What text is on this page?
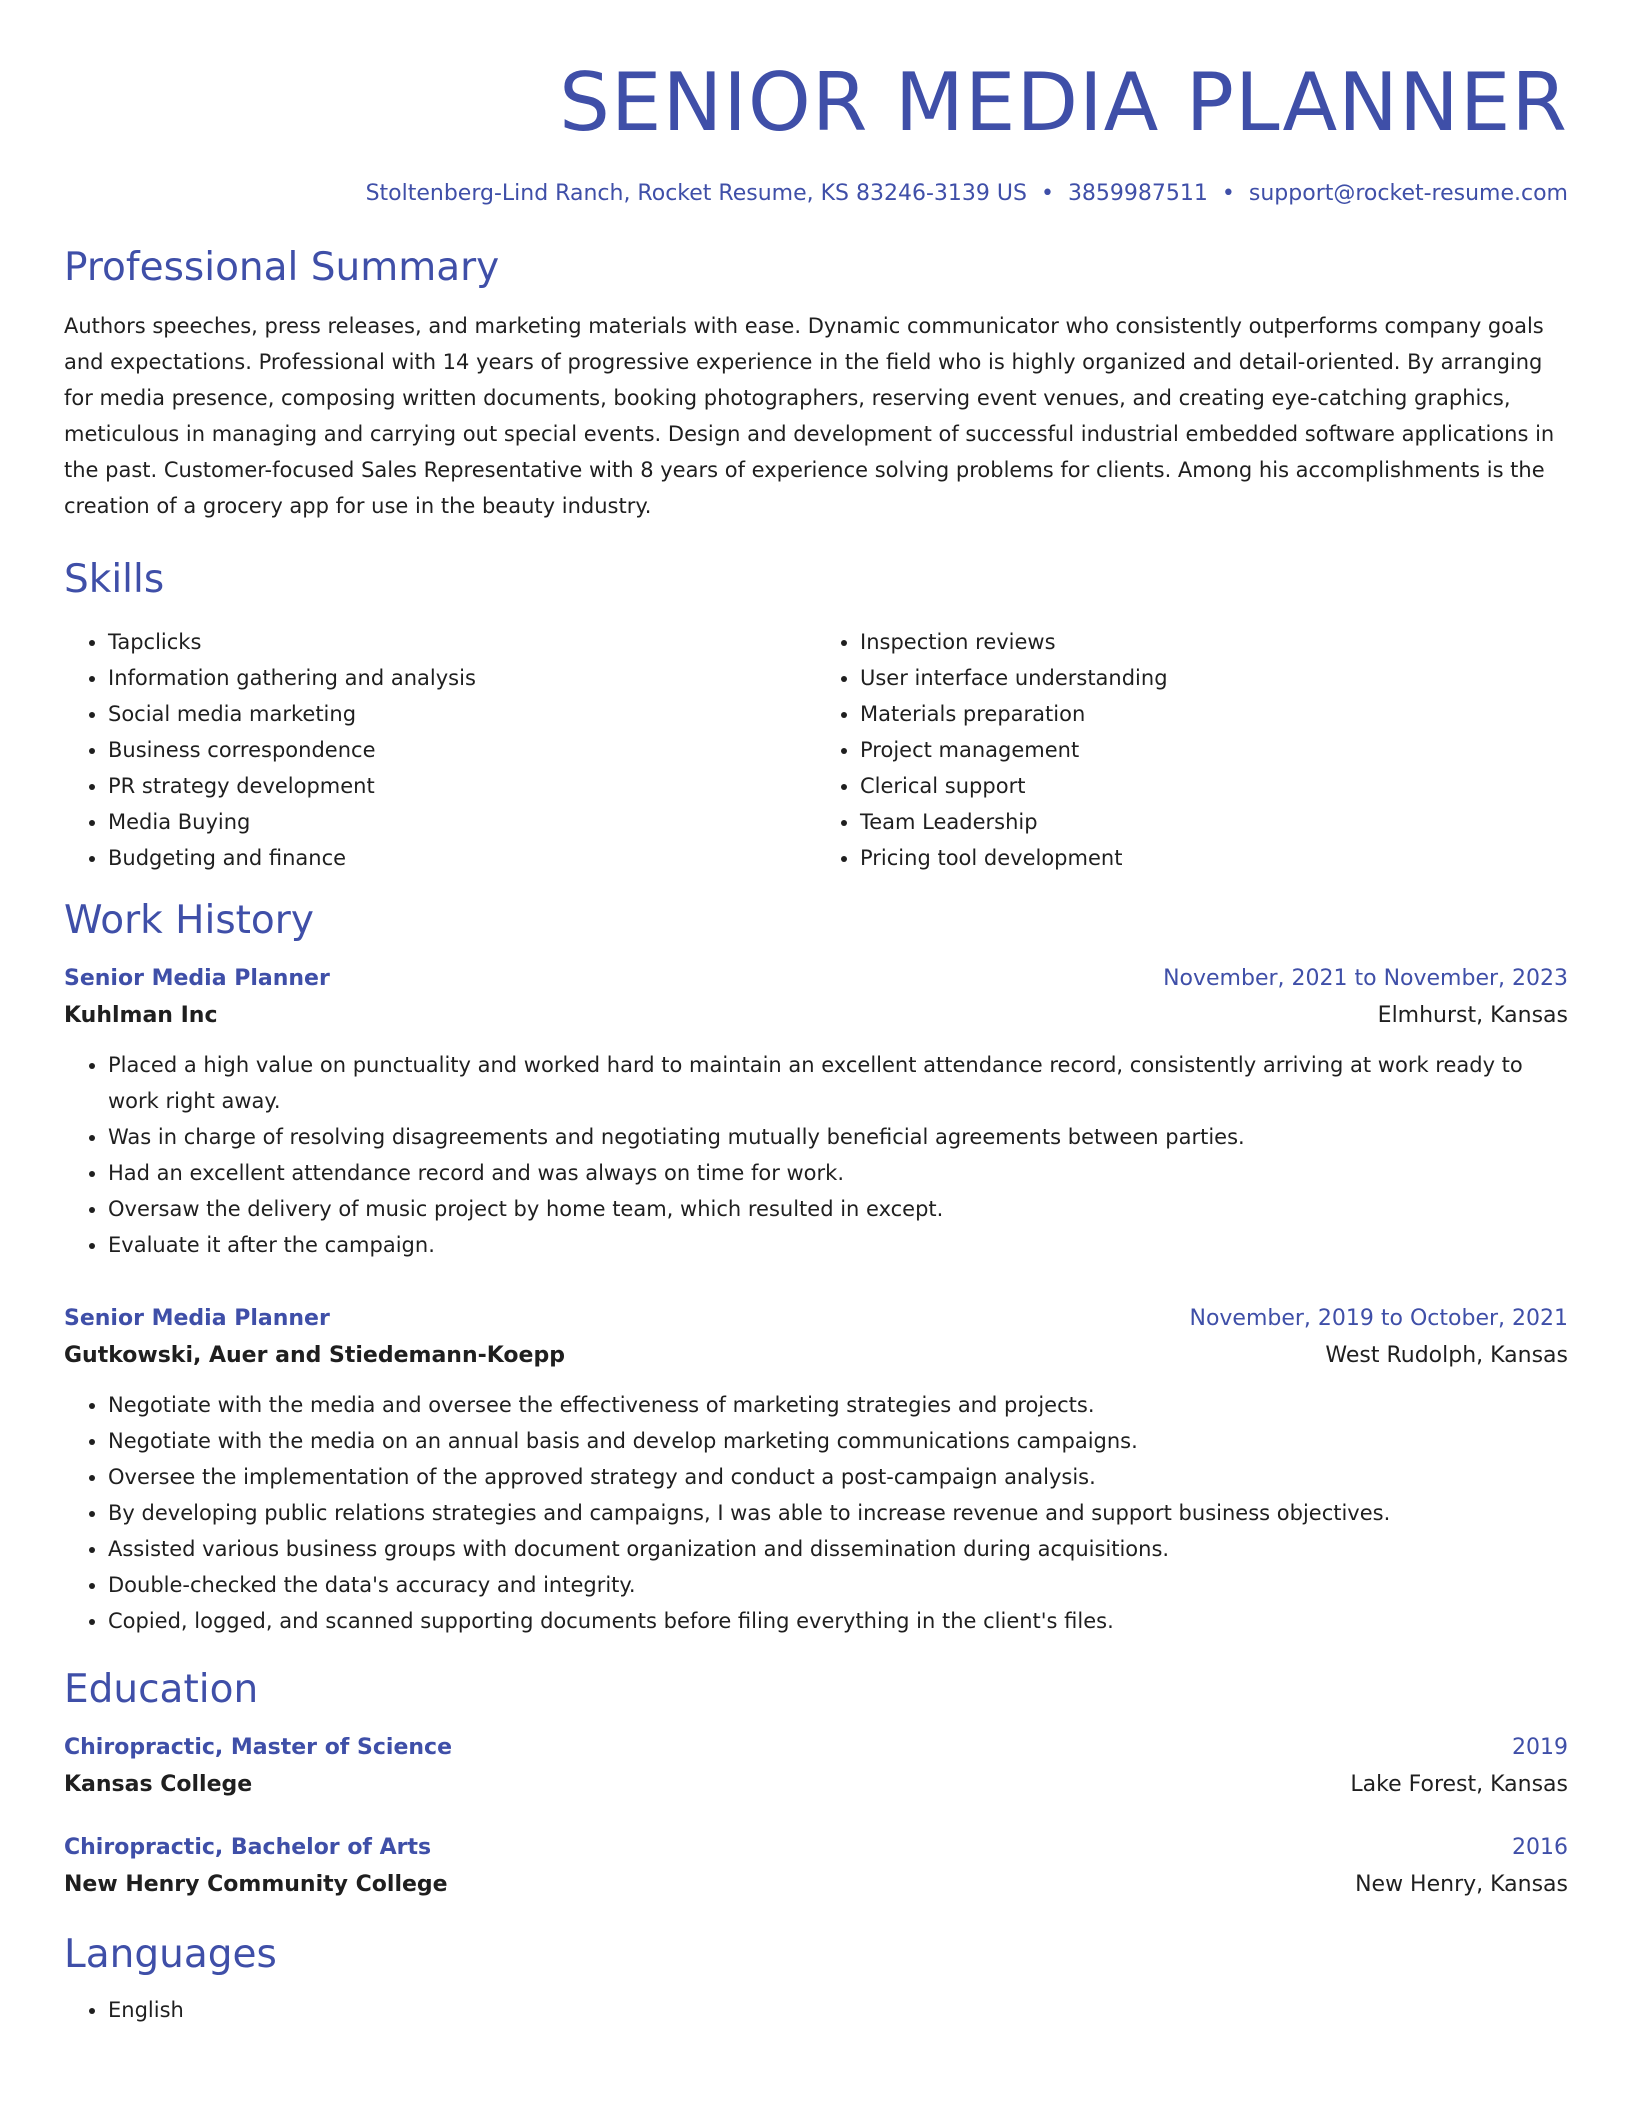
SENIOR MEDIA PLANNER
Stoltenberg-Lind Ranch, Rocket Resume, KS 83246-3139 US • 3859987511 • support@rocket-resume.com
Professional Summary
Authors speeches, press releases, and marketing materials with ease. Dynamic communicator who consistently outperforms company goals and expectations. Professional with 14 years of progressive experience in the field who is highly organized and detail-oriented. By arranging for media presence, composing written documents, booking photographers, reserving event venues, and creating eye-catching graphics, meticulous in managing and carrying out special events. Design and development of successful industrial embedded software applications in the past. Customer-focused Sales Representative with 8 years of experience solving problems for clients. Among his accomplishments is the creation of a grocery app for use in the beauty industry.
Skills
• Tapclicks
• Information gathering and analysis
• Social media marketing
• Business correspondence
• PR strategy development
• Media Buying
• Budgeting and finance
• Inspection reviews
• User interface understanding
• Materials preparation
• Project management
• Clerical support
• Team Leadership
• Pricing tool development
Work History
Senior Media Planner	November, 2021 to November, 2023
Kuhlman Inc	Elmhurst, Kansas
• Placed a high value on punctuality and worked hard to maintain an excellent attendance record, consistently arriving at work ready to work right away.
• Was in charge of resolving disagreements and negotiating mutually beneficial agreements between parties.
• Had an excellent attendance record and was always on time for work.
• Oversaw the delivery of music project by home team, which resulted in except.
• Evaluate it after the campaign.
Senior Media Planner	November, 2019 to October, 2021
Gutkowski, Auer and Stiedemann-Koepp	West Rudolph, Kansas
• Negotiate with the media and oversee the effectiveness of marketing strategies and projects.
• Negotiate with the media on an annual basis and develop marketing communications campaigns.
• Oversee the implementation of the approved strategy and conduct a post-campaign analysis.
• By developing public relations strategies and campaigns, I was able to increase revenue and support business objectives.
• Assisted various business groups with document organization and dissemination during acquisitions.
• Double-checked the data's accuracy and integrity.
• Copied, logged, and scanned supporting documents before filing everything in the client's files.
Education
Chiropractic, Master of Science	2019
Kansas College	Lake Forest, Kansas
Chiropractic, Bachelor of Arts	2016
New Henry Community College	New Henry, Kansas
Languages
• English
